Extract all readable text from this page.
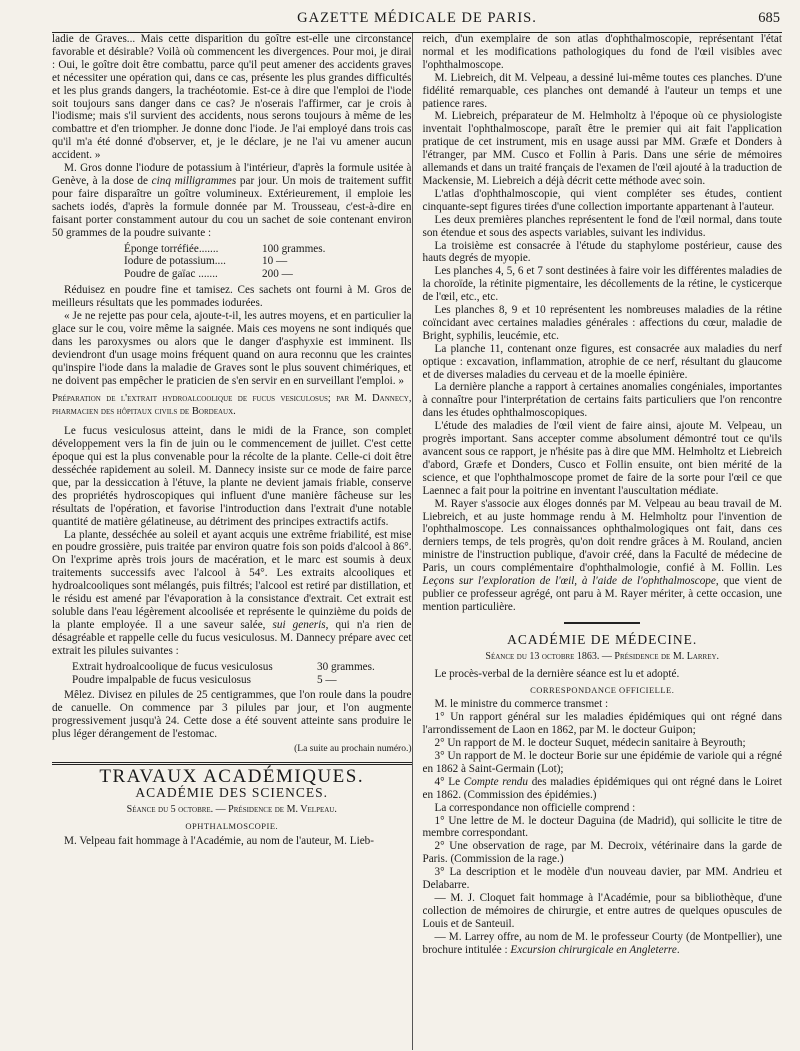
GAZETTE MÉDICALE DE PARIS.	685

ladie de Graves... Mais cette disparition du goître est-elle une circonstance favorable et désirable? Voilà où commencent les divergences. Pour moi, je dirai : Oui, le goître doit être combattu, parce qu'il peut amener des accidents graves et nécessiter une opération qui, dans ce cas, présente les plus grandes difficultés et les plus grands dangers, la trachéotomie. Est-ce à dire que l'emploi de l'iode soit toujours sans danger dans ce cas? Je n'oserais l'affirmer, car je crois à l'iodisme; mais s'il survient des accidents, nous serons toujours à même de les combattre et d'en triompher. Je donne donc l'iode. Je l'ai employé dans trois cas qu'il m'a été donné d'observer, et, je le déclare, je ne l'ai vu amener aucun accident. »

M. Gros donne l'iodure de potassium à l'intérieur, d'après la formule usitée à Genève, à la dose de cinq milligrammes par jour. Un mois de traitement suffit pour faire disparaître un goître volumineux. Extérieurement, il emploie les sachets iodés, d'après la formule donnée par M. Trousseau, c'est-à-dire en faisant porter constamment autour du cou un sachet de soie contenant environ 50 grammes de la poudre suivante :

Éponge torréfiée.......	100 grammes.
Iodure de potassium....	10 —
Poudre de gaïac .......	200 —

Réduisez en poudre fine et tamisez. Ces sachets ont fourni à M. Gros de meilleurs résultats que les pommades iodurées.

« Je ne rejette pas pour cela, ajoute-t-il, les autres moyens, et en particulier la glace sur le cou, voire même la saignée. Mais ces moyens ne sont indiqués que dans les paroxysmes ou alors que le danger d'asphyxie est imminent. Ils deviendront d'un usage moins fréquent quand on aura reconnu que les craintes qu'inspire l'iode dans la maladie de Graves sont le plus souvent chimériques, et ne doivent pas empêcher le praticien de s'en servir en en surveillant l'emploi. »

Préparation de l'extrait hydroalcoolique de fucus vesiculosus; par M. Dannecy, pharmacien des hôpitaux civils de Bordeaux.

Le fucus vesiculosus atteint, dans le midi de la France, son complet développement vers la fin de juin ou le commencement de juillet. C'est cette époque qui est la plus convenable pour la récolte de la plante. Celle-ci doit être desséchée rapidement au soleil. M. Dannecy insiste sur ce mode de faire parce que, par la dessiccation à l'étuve, la plante ne devient jamais friable, conserve des propriétés hydroscopiques qui influent d'une manière fâcheuse sur les résultats de l'opération, et favorise l'introduction dans l'extrait d'une notable quantité de matière gélatineuse, au détriment des principes extractifs actifs.

La plante, desséchée au soleil et ayant acquis une extrême friabilité, est mise en poudre grossière, puis traitée par environ quatre fois son poids d'alcool à 86°. On l'exprime après trois jours de macération, et le marc est soumis à deux traitements successifs avec l'alcool à 54°. Les extraits alcooliques et hydroalcooliques sont mélangés, puis filtrés; l'alcool est retiré par distillation, et le résidu est amené par l'évaporation à la consistance d'extrait. Cet extrait est soluble dans l'eau légèrement alcoolisée et représente le quinzième du poids de la plante employée. Il a une saveur salée, sui generis, qui n'a rien de désagréable et rappelle celle du fucus vesiculosus. M. Dannecy prépare avec cet extrait les pilules suivantes :

Extrait hydroalcoolique de fucus vesiculosus	30 grammes.
Poudre impalpable de fucus vesiculosus	5 —

Mêlez. Divisez en pilules de 25 centigrammes, que l'on roule dans la poudre de canuelle. On commence par 3 pilules par jour, et l'on augmente progressivement jusqu'à 24. Cette dose a été souvent atteinte sans produire le plus léger dérangement de l'estomac.

(La suite au prochain numéro.)

TRAVAUX ACADÉMIQUES.
ACADÉMIE DES SCIENCES.
Séance du 5 octobre. — Présidence de M. Velpeau.
OPHTHALMOSCOPIE.

M. Velpeau fait hommage à l'Académie, au nom de l'auteur, M. Lieb-

reich, d'un exemplaire de son atlas d'ophthalmoscopie, représentant l'état normal et les modifications pathologiques du fond de l'œil visibles avec l'ophthalmoscope.

M. Liebreich, dit M. Velpeau, a dessiné lui-même toutes ces planches. D'une fidélité remarquable, ces planches ont demandé à l'auteur un temps et une patience rares.

M. Liebreich, préparateur de M. Helmholtz à l'époque où ce physiologiste inventait l'ophthalmoscope, paraît être le premier qui ait fait l'application pratique de cet instrument, mis en usage aussi par MM. Græfe et Donders à l'étranger, par MM. Cusco et Follin à Paris. Dans une série de mémoires allemands et dans un traité français de l'examen de l'œil ajouté à la traduction de Mackensie, M. Liebreich a déjà décrit cette méthode avec soin.

L'atlas d'ophthalmoscopie, qui vient compléter ses études, contient cinquante-sept figures tirées d'une collection importante appartenant à l'auteur.

Les deux premières planches représentent le fond de l'œil normal, dans toute son étendue et sous des aspects variables, suivant les individus.

La troisième est consacrée à l'étude du staphylome postérieur, cause des hauts degrés de myopie.

Les planches 4, 5, 6 et 7 sont destinées à faire voir les différentes maladies de la choroïde, la rétinite pigmentaire, les décollements de la rétine, le cysticerque de l'œil, etc., etc.

Les planches 8, 9 et 10 représentent les nombreuses maladies de la rétine coïncidant avec certaines maladies générales : affections du cœur, maladie de Bright, syphilis, leucémie, etc.

La planche 11, contenant onze figures, est consacrée aux maladies du nerf optique : excavation, inflammation, atrophie de ce nerf, résultant du glaucome et de diverses maladies du cerveau et de la moelle épinière.

La dernière planche a rapport à certaines anomalies congéniales, importantes à connaître pour l'interprétation de certains faits particuliers que l'on rencontre dans les études ophthalmoscopiques.

L'étude des maladies de l'œil vient de faire ainsi, ajoute M. Velpeau, un progrès important. Sans accepter comme absolument démontré tout ce qu'ils avancent sous ce rapport, je n'hésite pas à dire que MM. Helmholtz et Liebreich d'abord, Græfe et Donders, Cusco et Follin ensuite, ont bien mérité de la science, et que l'ophthalmoscope promet de faire de la sorte pour l'œil ce que Laennec a fait pour la poitrine en inventant l'auscultation médiate.

M. Rayer s'associe aux éloges donnés par M. Velpeau au beau travail de M. Liebreich, et au juste hommage rendu à M. Helmholtz pour l'invention de l'ophthalmoscope. Les connaissances ophthalmologiques ont fait, dans ces derniers temps, de tels progrès, qu'on doit rendre grâces à M. Rouland, ancien ministre de l'instruction publique, d'avoir créé, dans la Faculté de médecine de Paris, un cours complémentaire d'ophthalmologie, confié à M. Follin. Les Leçons sur l'exploration de l'œil, à l'aide de l'ophthalmoscope, que vient de publier ce professeur agrégé, ont paru à M. Rayer mériter, à cette occasion, une mention particulière.

ACADÉMIE DE MÉDECINE.
Séance du 13 octobre 1863. — Présidence de M. Larrey.

Le procès-verbal de la dernière séance est lu et adopté.

CORRESPONDANCE OFFICIELLE.

M. le ministre du commerce transmet :

1° Un rapport général sur les maladies épidémiques qui ont régné dans l'arrondissement de Laon en 1862, par M. le docteur Guipon;

2° Un rapport de M. le docteur Suquet, médecin sanitaire à Beyrouth;

3° Un rapport de M. le docteur Borie sur une épidémie de variole qui a régné en 1862 à Saint-Germain (Lot);

4° Le Compte rendu des maladies épidémiques qui ont régné dans le Loiret en 1862. (Commission des épidémies.)

La correspondance non officielle comprend :

1° Une lettre de M. le docteur Daguina (de Madrid), qui sollicite le titre de membre correspondant.

2° Une observation de rage, par M. Decroix, vétérinaire dans la garde de Paris. (Commission de la rage.)

3° La description et le modèle d'un nouveau davier, par MM. Andrieu et Delabarre.

— M. J. Cloquet fait hommage à l'Académie, pour sa bibliothèque, d'une collection de mémoires de chirurgie, et entre autres de quelques opuscules de Louis et de Santeuil.

— M. Larrey offre, au nom de M. le professeur Courty (de Montpellier), une brochure intitulée : Excursion chirurgicale en Angleterre.
